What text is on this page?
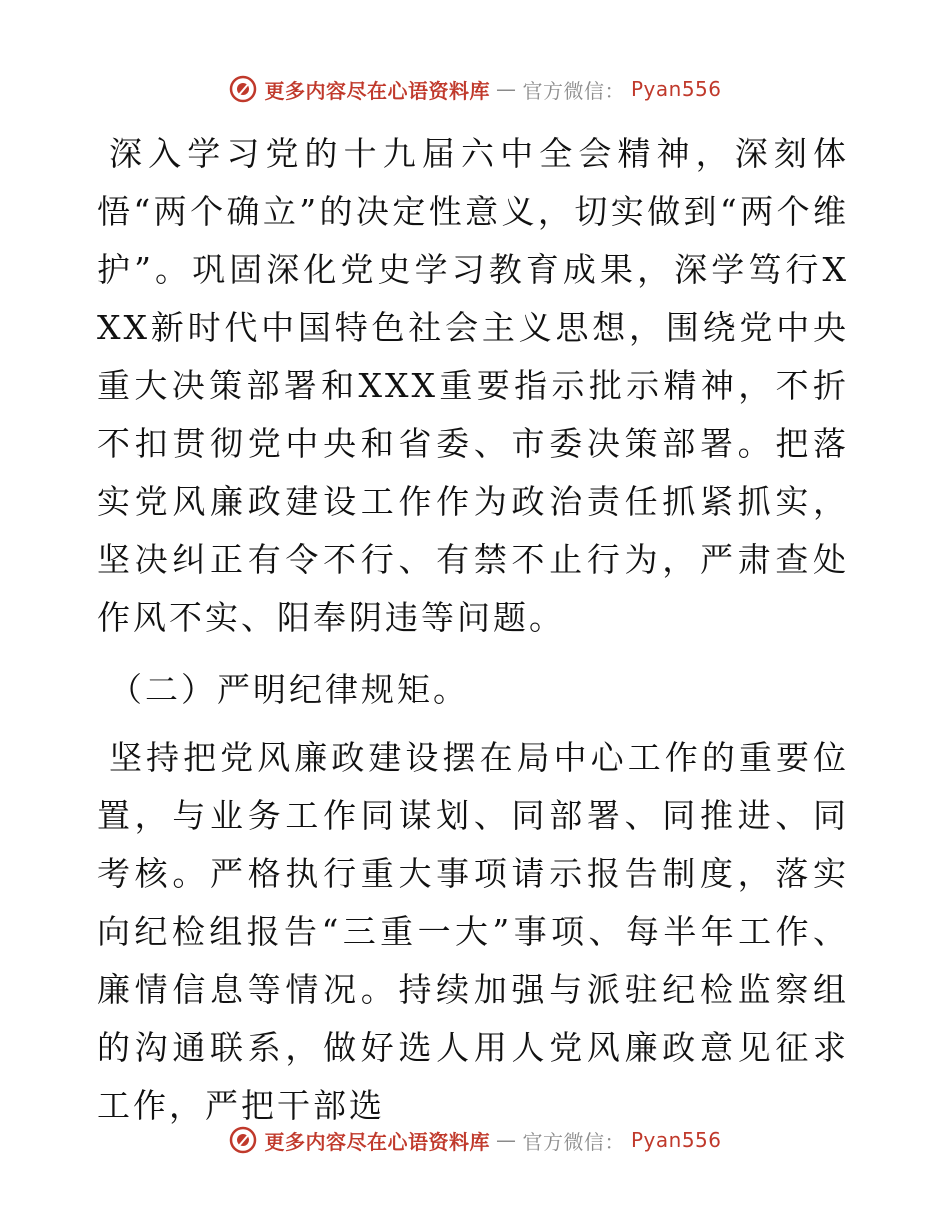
更多内容尽在心语资料库 — 官方微信： Pyan556

深入学习党的十九届六中全会精神，深刻体悟“两个确立”的决定性意义，切实做到“两个维护”。巩固深化党史学习教育成果，深学笃行XXX新时代中国特色社会主义思想，围绕党中央重大决策部署和XXX重要指示批示精神，不折不扣贯彻党中央和省委、市委决策部署。把落实党风廉政建设工作作为政治责任抓紧抓实，坚决纠正有令不行、有禁不止行为，严肃查处作风不实、阳奉阴违等问题。

（二）严明纪律规矩。

坚持把党风廉政建设摆在局中心工作的重要位置，与业务工作同谋划、同部署、同推进、同考核。严格执行重大事项请示报告制度，落实向纪检组报告“三重一大”事项、每半年工作、廉情信息等情况。持续加强与派驻纪检监察组的沟通联系，做好选人用人党风廉政意见征求工作，严把干部选

更多内容尽在心语资料库 — 官方微信： Pyan556
